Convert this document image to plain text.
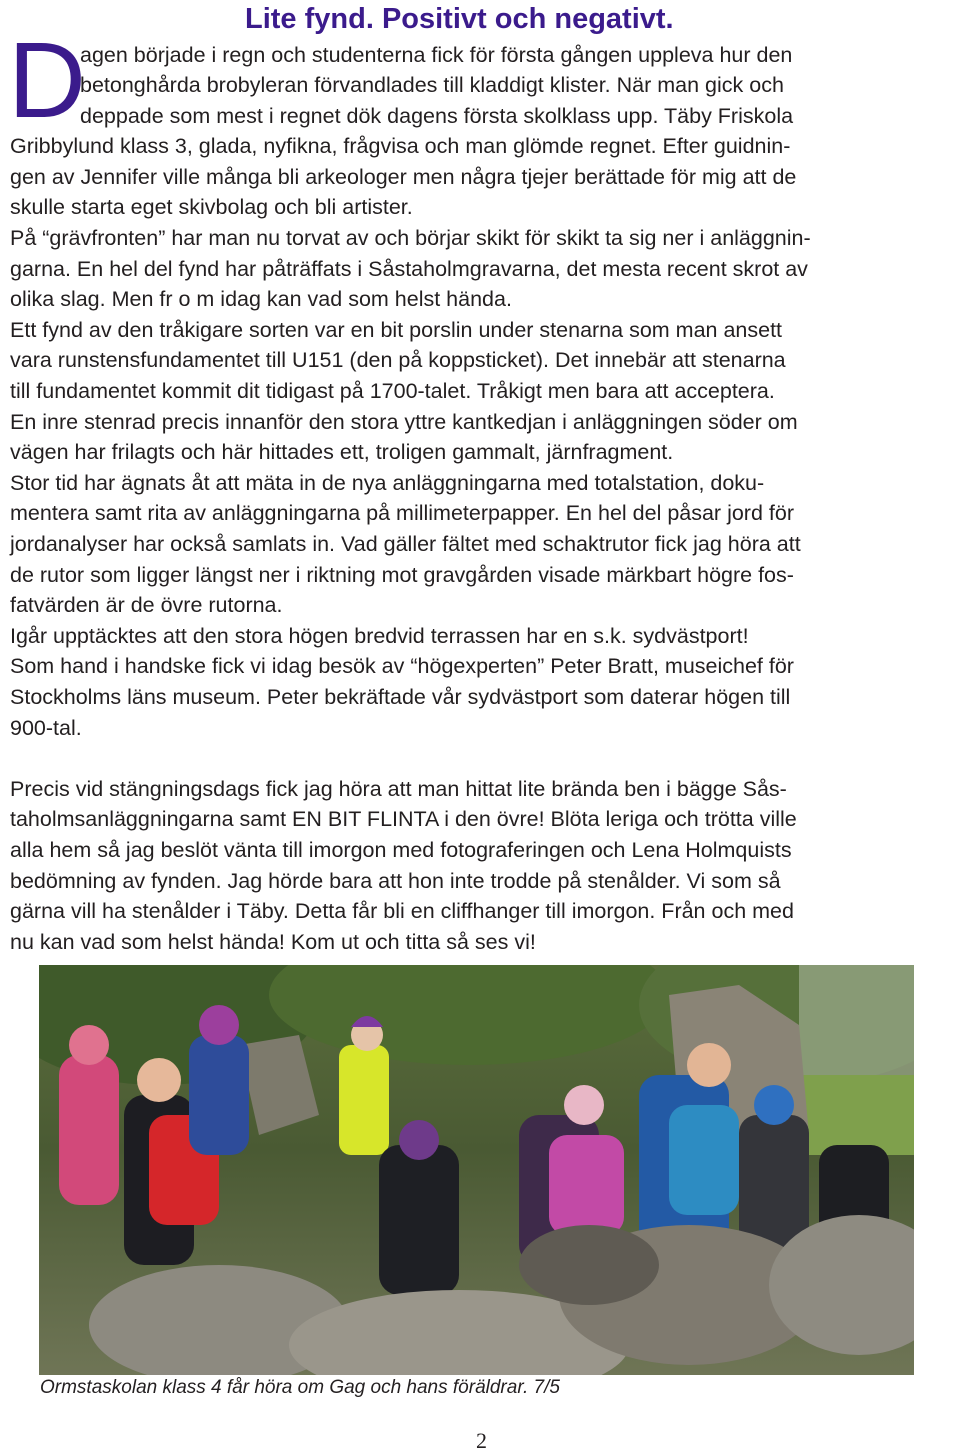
Lite fynd. Positivt och negativt.
D
agen började i regn och studenterna fick för första gången uppleva hur den
betonghårda brobyleran förvandlades till kladdigt klister. När man gick och
deppade som mest i regnet dök dagens första skolklass upp. Täby Friskola
Gribbylund klass 3, glada, nyfikna, frågvisa och man glömde regnet. Efter guidnin-
gen av Jennifer ville många bli arkeologer men några tjejer berättade för mig att de
skulle starta eget skivbolag och bli artister.
På “grävfronten” har man nu torvat av och börjar skikt för skikt ta sig ner i anläggnin-
garna. En hel del fynd har påträffats i Såstaholmgravarna, det mesta recent skrot av
olika slag. Men fr o m idag kan vad som helst hända.
Ett fynd av den tråkigare sorten var en bit porslin under stenarna som man ansett
vara runstensfundamentet till U151 (den på koppsticket). Det innebär att stenarna
till fundamentet kommit dit tidigast på 1700-talet. Tråkigt men bara att acceptera.
En inre stenrad precis innanför den stora yttre kantkedjan i anläggningen söder om
vägen har frilagts och här hittades ett, troligen gammalt, järnfragment.
Stor tid har ägnats åt att mäta in de nya anläggningarna med totalstation, doku-
mentera samt rita av anläggningarna på millimeterpapper. En hel del påsar jord för
jordanalyser har också samlats in. Vad gäller fältet med schaktrutor fick jag höra att
de rutor som ligger längst ner i riktning mot gravgården visade märkbart högre fos-
fatvärden är de övre rutorna.
Igår upptäcktes att den stora högen bredvid terrassen har en s.k. sydvästport!
Som hand i handske fick vi idag besök av “högexperten” Peter Bratt, museichef för
Stockholms läns museum. Peter bekräftade vår sydvästport som daterar högen till
900-tal.
Precis vid stängningsdags fick jag höra att man hittat lite brända ben i bägge Sås-
taholmsanläggningarna samt EN BIT FLINTA i den övre! Blöta leriga och trötta ville
alla hem så jag beslöt vänta till imorgon med fotograferingen och Lena Holmquists
bedömning av fynden. Jag hörde bara att hon inte trodde på stenålder. Vi som så
gärna vill ha stenålder i Täby. Detta får bli en cliffhanger till imorgon. Från och med
nu kan vad som helst hända! Kom ut och titta så ses vi!
Ormstaskolan klass 4 får höra om Gag och hans föräldrar. 7/5
2
